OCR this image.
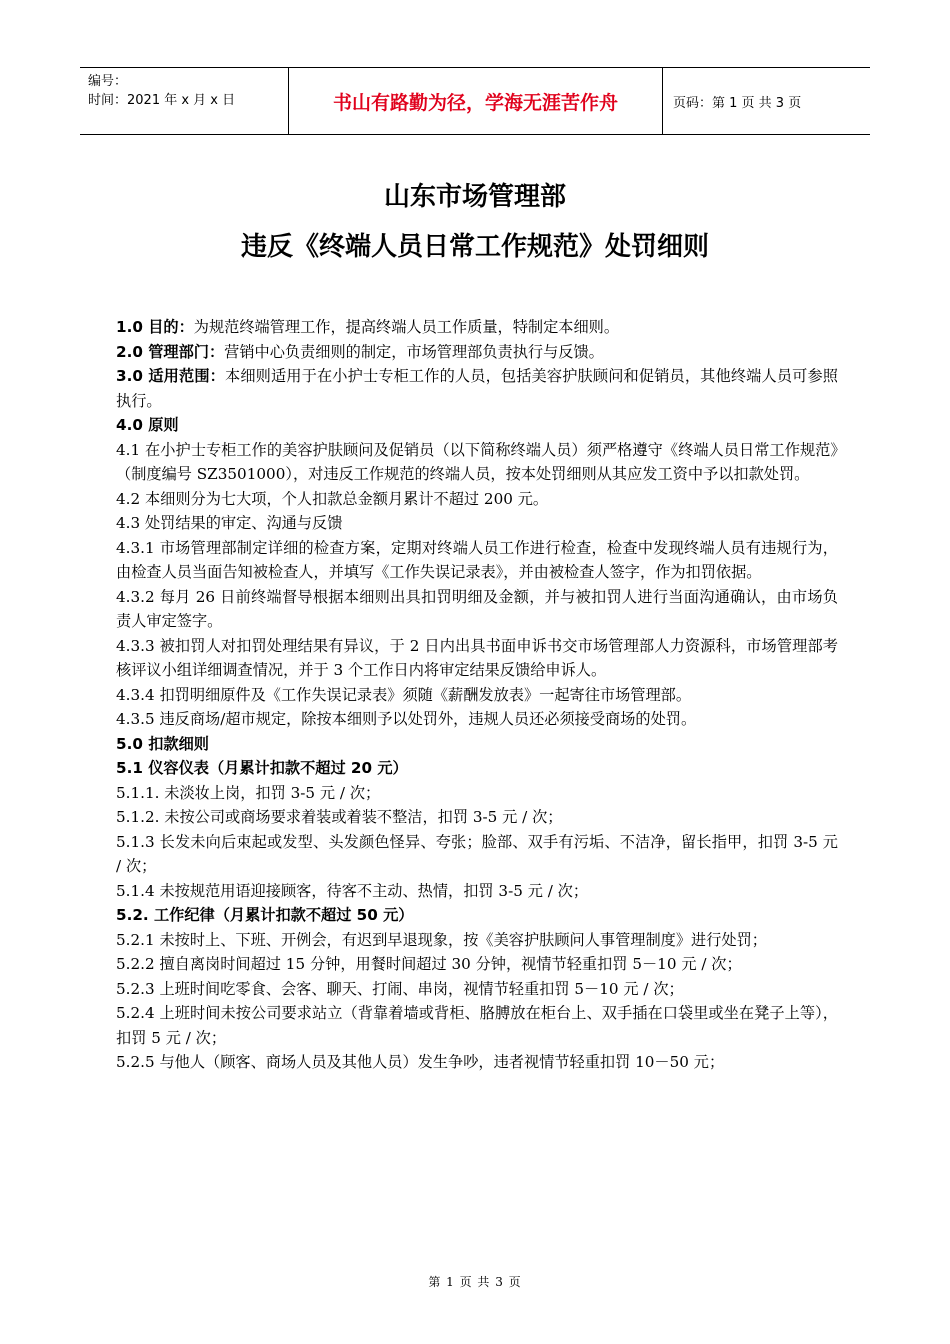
编号：
时间：2021 年 x 月 x 日	书山有路勤为径，学海无涯苦作舟	页码：第 1 页 共 3 页
山东市场管理部
违反《终端人员日常工作规范》处罚细则

1.0 目的：为规范终端管理工作，提高终端人员工作质量，特制定本细则。

2.0 管理部门：营销中心负责细则的制定，市场管理部负责执行与反馈。

3.0 适用范围：本细则适用于在小护士专柜工作的人员，包括美容护肤顾问和促销员，其他终端人员可参照执行。

4.0 原则

4.1 在小护士专柜工作的美容护肤顾问及促销员（以下简称终端人员）须严格遵守《终端人员日常工作规范》（制度编号 SZ3501000），对违反工作规范的终端人员，按本处罚细则从其应发工资中予以扣款处罚。

4.2 本细则分为七大项，个人扣款总金额月累计不超过 200 元。

4.3 处罚结果的审定、沟通与反馈

4.3.1 市场管理部制定详细的检查方案，定期对终端人员工作进行检查，检查中发现终端人员有违规行为，由检查人员当面告知被检查人，并填写《工作失误记录表》，并由被检查人签字，作为扣罚依据。

4.3.2 每月 26 日前终端督导根据本细则出具扣罚明细及金额，并与被扣罚人进行当面沟通确认，由市场负责人审定签字。

4.3.3 被扣罚人对扣罚处理结果有异议，于 2 日内出具书面申诉书交市场管理部人力资源科，市场管理部考核评议小组详细调查情况，并于 3 个工作日内将审定结果反馈给申诉人。

4.3.4 扣罚明细原件及《工作失误记录表》须随《薪酬发放表》一起寄往市场管理部。

4.3.5 违反商场/超市规定，除按本细则予以处罚外，违规人员还必须接受商场的处罚。

5.0 扣款细则

5.1 仪容仪表（月累计扣款不超过 20 元）

5.1.1. 未淡妆上岗，扣罚 3-5 元 / 次；

5.1.2. 未按公司或商场要求着装或着装不整洁，扣罚 3-5 元 / 次；

5.1.3 长发未向后束起或发型、头发颜色怪异、夸张；脸部、双手有污垢、不洁净，留长指甲，扣罚 3-5 元 / 次；

5.1.4 未按规范用语迎接顾客，待客不主动、热情，扣罚 3-5 元 / 次；

5.2. 工作纪律（月累计扣款不超过 50 元）

5.2.1 未按时上、下班、开例会，有迟到早退现象，按《美容护肤顾问人事管理制度》进行处罚；

5.2.2 擅自离岗时间超过 15 分钟，用餐时间超过 30 分钟，视情节轻重扣罚 5－10 元 / 次；

5.2.3 上班时间吃零食、会客、聊天、打闹、串岗，视情节轻重扣罚 5－10 元 / 次；

5.2.4 上班时间未按公司要求站立（背靠着墙或背柜、胳膊放在柜台上、双手插在口袋里或坐在凳子上等），扣罚 5 元 / 次；

5.2.5 与他人（顾客、商场人员及其他人员）发生争吵，违者视情节轻重扣罚 10－50 元；

第 1 页 共 3 页
